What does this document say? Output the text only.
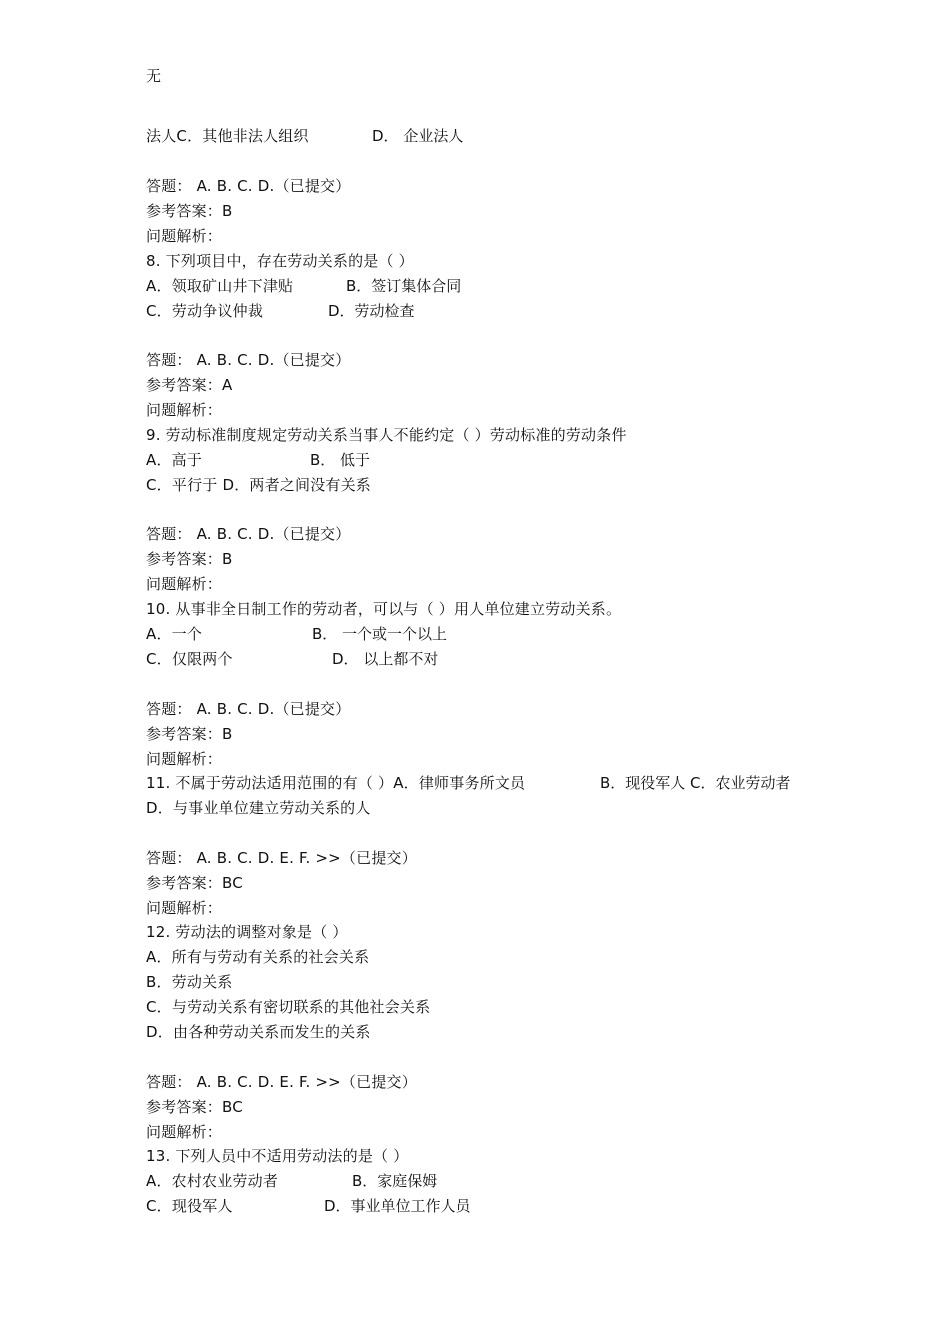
无

法人C．其他非法人组织	D． 企业法人

答题： A. B. C. D.（已提交）

参考答案：B

问题解析：

8. 下列项目中，存在劳动关系的是（ ）

A．领取矿山井下津贴	B．签订集体合同

C．劳动争议仲裁	D．劳动检查

答题： A. B. C. D.（已提交）

参考答案：A

问题解析：

9. 劳动标准制度规定劳动关系当事人不能约定（ ）劳动标准的劳动条件

A．高于	B． 低于

C．平行于 D．两者之间没有关系

答题： A. B. C. D.（已提交）

参考答案：B

问题解析：

10. 从事非全日制工作的劳动者，可以与（ ）用人单位建立劳动关系。

A．一个	B． 一个或一个以上

C．仅限两个	D． 以上都不对

答题： A. B. C. D.（已提交）

参考答案：B

问题解析：

11. 不属于劳动法适用范围的有（ ）A．律师事务所文员	B．现役军人 C．农业劳动者

D．与事业单位建立劳动关系的人

答题： A. B. C. D. E. F. >>（已提交）

参考答案：BC

问题解析：

12. 劳动法的调整对象是（ ）

A．所有与劳动有关系的社会关系

B．劳动关系

C．与劳动关系有密切联系的其他社会关系

D．由各种劳动关系而发生的关系

答题： A. B. C. D. E. F. >>（已提交）

参考答案：BC

问题解析：

13. 下列人员中不适用劳动法的是（ ）

A．农村农业劳动者	B．家庭保姆

C．现役军人	D．事业单位工作人员
